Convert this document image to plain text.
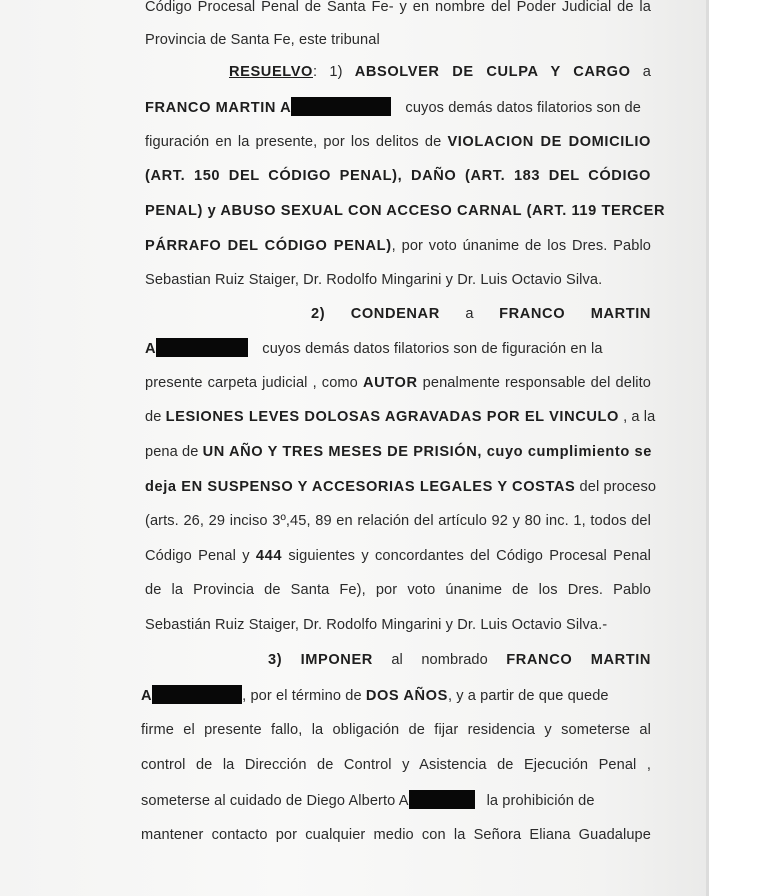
Código Procesal Penal de Santa Fe- y en nombre del Poder Judicial de la
Provincia de Santa Fe, este tribunal
RESUELVO: 1) ABSOLVER DE CULPA Y CARGO a
FRANCO MARTIN A	cuyos demás datos filatorios son de
figuración en la presente, por los delitos de VIOLACION DE DOMICILIO
(ART. 150 DEL CÓDIGO PENAL), DAÑO (ART. 183 DEL CÓDIGO
PENAL) y ABUSO SEXUAL CON ACCESO CARNAL (ART. 119 TERCER
PÁRRAFO DEL CÓDIGO PENAL), por voto únanime de los Dres. Pablo
Sebastian Ruiz Staiger, Dr. Rodolfo Mingarini y Dr. Luis Octavio Silva.
2) CONDENAR a FRANCO MARTIN
A	cuyos demás datos filatorios son de figuración en la
presente carpeta judicial , como AUTOR penalmente responsable del delito
de LESIONES LEVES DOLOSAS AGRAVADAS POR EL VINCULO , a la
pena de UN AÑO Y TRES MESES DE PRISIÓN, cuyo cumplimiento se
deja EN SUSPENSO Y ACCESORIAS LEGALES Y COSTAS del proceso
(arts. 26, 29 inciso 3º,45, 89 en relación del artículo 92 y 80 inc. 1, todos del
Código Penal y 444 siguientes y concordantes del Código Procesal Penal
de la Provincia de Santa Fe), por voto únanime de los Dres. Pablo
Sebastián Ruiz Staiger, Dr. Rodolfo Mingarini y Dr. Luis Octavio Silva.-
3) IMPONER al nombrado FRANCO MARTIN
A	, por el término de DOS AÑOS, y a partir de que quede
firme el presente fallo, la obligación de fijar residencia y someterse al
control de la Dirección de Control y Asistencia de Ejecución Penal ,
someterse al cuidado de Diego Alberto A	la prohibición de
mantener contacto por cualquier medio con la Señora Eliana Guadalupe
